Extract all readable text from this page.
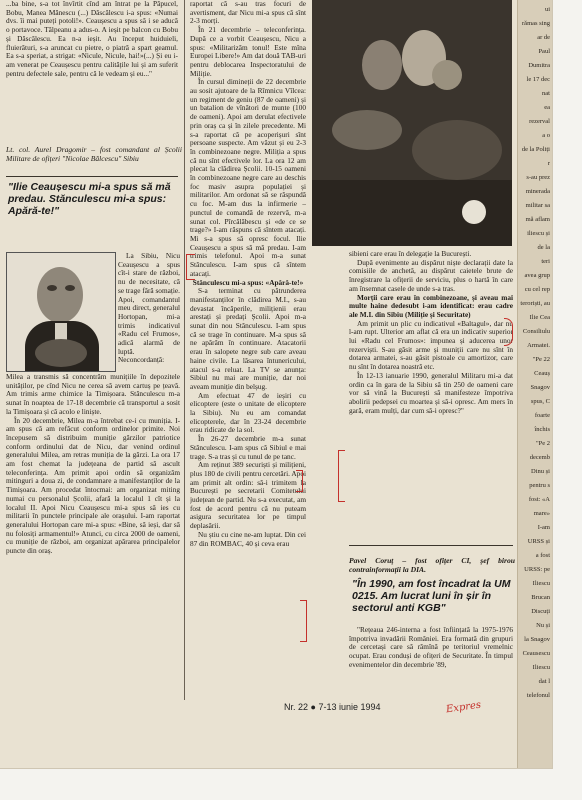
...ba bine, s-a tot învîrtit cînd am întrat pe la Păpucel, Bobu, Manea Mănescu (...) Dăscălescu i-a spus: «Numai dvs. îi mai puteți potoli!». Ceaușescu a spus să i se aducă o portavoce. Tălpeanu a adus-o. A ieșit pe balcon cu Bobu și Dăscălescu. Ea n-a ieșit. Au început huiduieli, fluierături, s-a aruncat cu pietre, o piatră a spart geamul. Ea s-a speriat, a strigat: «Nicule, Nicule, hai!»(...) Și eu i-am venerat pe Ceaușescu pentru calitățile lui și am suferit pentru defectele sale, pentru că le vedeam și eu..."

Lt. col. Aurel Dragomir – fost comandant al Școlii Militare de ofițeri "Nicolae Bălcescu" Sibiu
"Ilie Ceaușescu mi-a spus să mă predau. Stănculescu mi-a spus: Apără-te!"

La Sibiu, Nicu Ceaușescu a spus cît-i stare de război, nu de necesitate, că se trage fără somație. Apoi, comandantul meu direct, generalul Hortopan, mi-a trimis indicativul «Radu cel Frumos», adică alarmă de luptă. Neconcordanță:

Milea a transmis să concentrăm munițiile în depozitele unităților, pe cînd Nicu ne cerea să avem cartuș pe țeavă. Am trimis arme chimice la Timișoara. Stănculescu m-a sunat în noaptea de 17-18 decembrie că transportul a sosit la Timișoara și că acolo e liniște.

În 20 decembrie, Milea m-a întrebat ce-i cu muniția. I-am spus că am refăcut conform ordinelor primite. Noi începusem să distribuim muniție gărzilor patriotice conform ordinului dat de Nicu, dar venind ordinul generalului Milea, am retras muniția de la gărzi. La ora 17 am fost chemat la județeana de partid să ascult teleconferința. Am primit apoi ordin să organizăm mitinguri a doua zi, de condamnare a manifestanților de la Timișoara. Am procedat întocmai: am organizat miting numai cu personalul Școlii, afară la localul 1 cît și la localul II. Apoi Nicu Ceaușescu mi-a spus să ies cu militarii în punctele principale ale orașului. I-am raportat generalului Hortopan care mi-a spus: «Bine, să ieși, dar să nu folosiți armamentul!» Atunci, cu circa 2000 de oameni, cu muniție de război, am organizat apărarea principalelor puncte din oraș.

raportat că s-au tras focuri de avertisment, dar Nicu mi-a spus că sînt 2-3 morți.

În 21 decembrie – teleconferința. După ce a vorbit Ceaușescu, Nicu a spus: «Militarizăm tonul! Este mîna Europei Libere!» Am dat două TAB-uri pentru deblocarea Inspectoratului de Miliție.

În cursul dimineții de 22 decembrie au sosit ajutoare de la Rîmnicu Vîlcea: un regiment de geniu (87 de oameni) și un batalion de vînători de munte (100 de oameni). Apoi am derulat efectivele prin oraș ca și în zilele precedente. Mi s-a raportat că pe acoperișuri sînt persoane suspecte. Am văzut și eu 2-3 în combinezoane negre. Miliția a spus că nu sînt efectivele lor. La ora 12 am plecat la clădirea Școlii. 10-15 oameni în combinezoane negre care au deschis foc masiv asupra populației și militarilor. Am ordonat să se răspundă cu foc. M-am dus la infirmerie – punctul de comandă de rezervă, m-a sunat col. Pîrcălăbescu și «de ce se trage?» I-am răspuns că sîntem atacați. Mi s-a spus să opresc focul. Ilie Ceaușescu a spus să mă predau. I-am trimis telefonul. Apoi m-a sunat Stănculescu. I-am spus că sîntem atacați.

Stănculescu mi-a spus: «Apără-te!»

S-a terminat cu pătrunderea manifestanților în clădirea M.I., s-au devastat încăperile, milițienii erau arestați și predați Școlii. Apoi m-a sunat din nou Stănculescu. I-am spus că se trage în continuare. M-a spus să ne apărăm în continuare. Atacatorii erau în salopete negre sub care aveau haine civile. La lăsarea întunericului, atacul s-a reluat. La TV se anunța: Sibiul nu mai are muniție, dar noi aveam muniție din belșug.

Am efectuat 47 de ieșiri cu elicoptere (este o unitate de elicoptere la Sibiu). Nu eu am comandat elicopterele, dar în 23-24 decembrie erau ridicate de la sol.

În 26-27 decembrie m-a sunat Stănculescu. I-am spus că Sibiul e mai trage. S-a tras și cu tunul de pe tanc.

Am reținut 389 securiști și milițieni, plus 180 de civili pentru cercetări. Apoi am primit alt ordin: să-i trimitem la București pe secretarii Comitetului județean de partid. Nu s-a executat, am fost de acord pentru că nu puteam asigura securitatea lor pe timpul deplasării.

Nu știu cu cine ne-am luptat. Din cei 87 din ROMBAC, 40 și ceva erau

sibieni care erau în delegație la București.

După evenimente au dispărut niște declarații date la comisiile de anchetă, au dispărut caietele brute de înregistrare la ofițerii de serviciu, plus o hartă în care am însemnat casele de unde s-a tras.

Morții care erau în combinezoane, și aveau mai multe haine dedesubt i-am identificat: erau cadre ale M.I. din Sibiu (Miliție și Securitate)

Am primit un plic cu indicativul «Baltagul», dar nu l-am rupt. Ulterior am aflat că era un indicativ superior lui «Radu cel Frumos»: impunea și aducerea unor rezerviști. S-au găsit arme și muniții care nu sînt în dotarea armatei, s-au găsit pistoale cu amortizor, care nu sînt în dotarea noastră etc.

În 12-13 ianuarie 1990, generalul Militaru mi-a dat ordin ca în gara de la Sibiu să tin 250 de oameni care vor să vină la București să manifesteze împotriva abolirii pedepsei cu moartea și să-i opresc. Am mers în gară, eram mulți, dar cum să-i opresc?"

Pavel Coruț – fost ofițer CI, șef birou contrainformații la DIA.
"În 1990, am fost încadrat la UM 0215. Am lucrat luni în șir în sectorul anti KGB"

"Rețeaua 246-interna a fost înființată la 1975-1976 împotriva invadării României. Era formată din grupuri de cercetași care să rămînă pe teritoriul vremelnic ocupat. Erau conduși de ofițeri de Securitate. În timpul evenimentelor din decembrie '89,

Nr. 22 ● 7-13 iunie 1994	Expres
ui
rămas sing
ar de
Paul
Dumitra
le 17 dec
nat
ea
rezerval
a o
de la Poliți
r
s-au prez
minerada
militar sa
mă aflam
iliescu și
de la
teri
avea grup
cu cel rep
teroriști, au
Ilie Cea
Consiliulu
Armatei.
"Pe 22
Ceauș
Snagov
spus, C
foarte
închis
"Pe 2
decemb
Dinu și
pentru s
fost: «A
mare»
I-am
URSS și
a fost
URSS: pe
Iliescu
Brucan
Discuți
Nu și
la Snagov
Ceausescu
Iliescu
dat l
telefonul
